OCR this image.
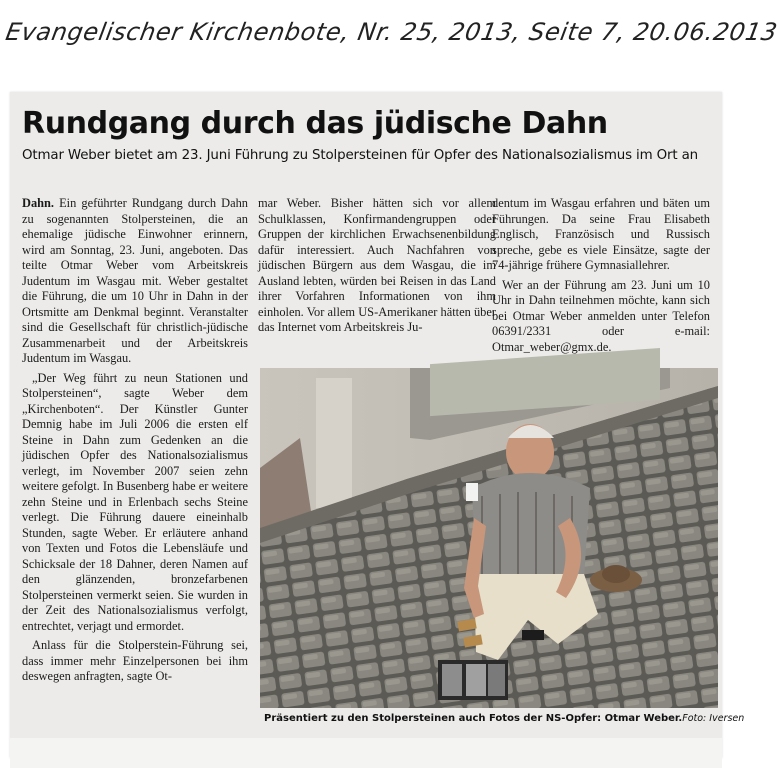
Evangelischer Kirchenbote, Nr. 25, 2013, Seite 7, 20.06.2013
Rundgang durch das jüdische Dahn
Otmar Weber bietet am 23. Juni Führung zu Stolpersteinen für Opfer des Nationalsozialismus im Ort an

Dahn. Ein geführter Rundgang durch Dahn zu sogenannten Stolpersteinen, die an ehemalige jüdische Einwohner erinnern, wird am Sonntag, 23. Juni, angeboten. Das teilte Otmar Weber vom Arbeitskreis Judentum im Wasgau mit. Weber gestaltet die Führung, die um 10 Uhr in Dahn in der Ortsmitte am Denkmal beginnt. Veranstalter sind die Gesellschaft für christlich-jüdische Zusammenarbeit und der Arbeitskreis Judentum im Wasgau.

„Der Weg führt zu neun Stationen und Stolpersteinen“, sagte Weber dem „Kirchenboten“. Der Künstler Gunter Demnig habe im Juli 2006 die ersten elf Steine in Dahn zum Gedenken an die jüdischen Opfer des Nationalsozialismus verlegt, im November 2007 seien zehn weitere gefolgt. In Busenberg habe er weitere zehn Steine und in Erlenbach sechs Steine verlegt. Die Führung dauere eineinhalb Stunden, sagte Weber. Er erläutere anhand von Texten und Fotos die Lebensläufe und Schicksale der 18 Dahner, deren Namen auf den glänzenden, bronzefarbenen Stolpersteinen vermerkt seien. Sie wurden in der Zeit des Nationalsozialismus verfolgt, entrechtet, verjagt und ermordet.

Anlass für die Stolperstein-Führung sei, dass immer mehr Einzelpersonen bei ihm deswegen anfragten, sagte Ot-

mar Weber. Bisher hätten sich vor allem Schulklassen, Konfirmandengruppen oder Gruppen der kirchlichen Erwachsenenbildung dafür interessiert. Auch Nachfahren von jüdischen Bürgern aus dem Wasgau, die im Ausland lebten, würden bei Reisen in das Land ihrer Vorfahren Informationen von ihm einholen. Vor allem US-Amerikaner hätten über das Internet vom Arbeitskreis Ju-

dentum im Wasgau erfahren und bäten um Führungen. Da seine Frau Elisabeth Englisch, Französisch und Russisch spreche, gebe es viele Einsätze, sagte der 74-jährige frühere Gymnasiallehrer.

Wer an der Führung am 23. Juni um 10 Uhr in Dahn teilnehmen möchte, kann sich bei Otmar Weber anmelden unter Telefon 06391/2331 oder e-mail: Otmar_weber@gmx.de.

Präsentiert zu den Stolpersteinen auch Fotos der NS-Opfer: Otmar Weber. Foto: Iversen
